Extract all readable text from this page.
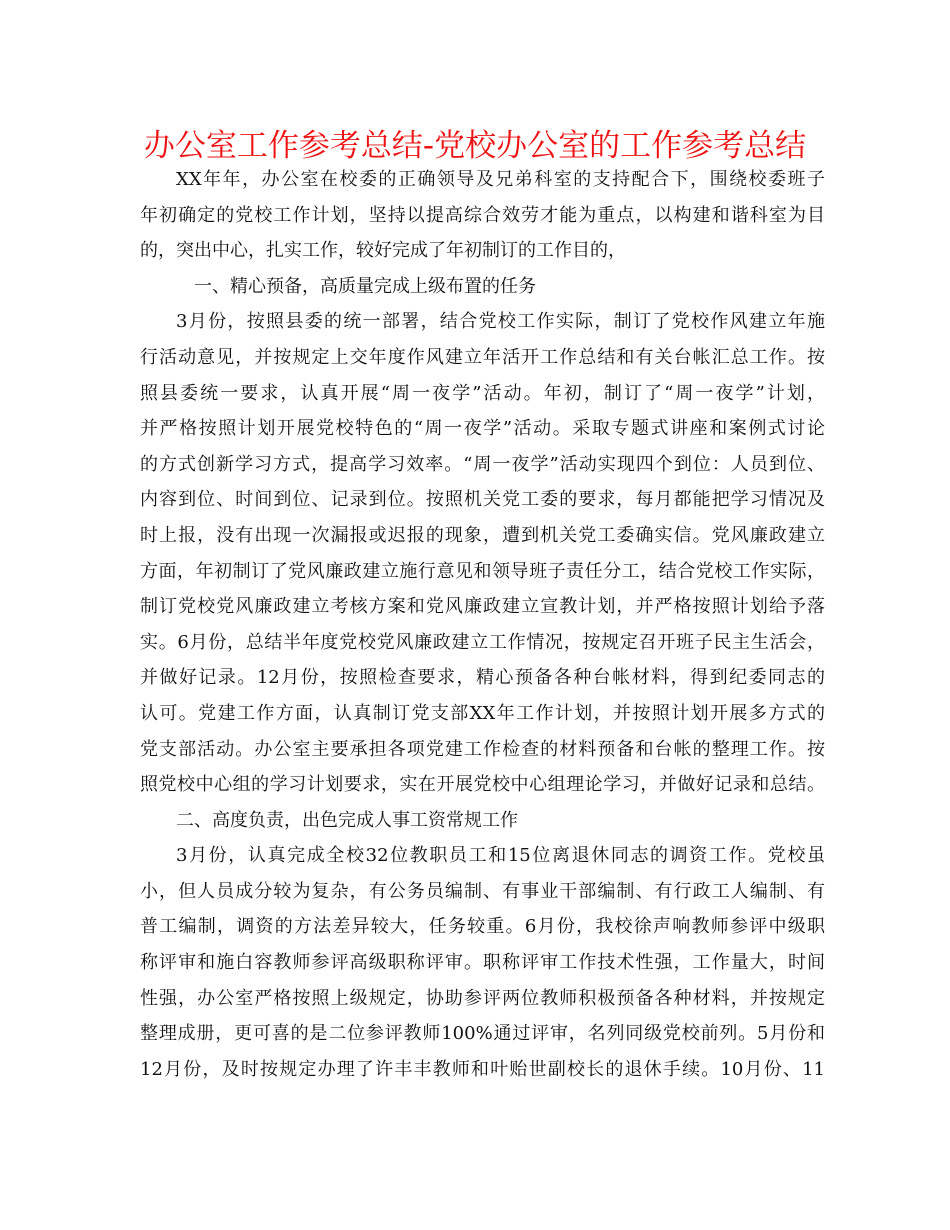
办公室工作参考总结-党校办公室的工作参考总结
XX年年，办公室在校委的正确领导及兄弟科室的支持配合下，围绕校委班子
年初确定的党校工作计划，坚持以提高综合效劳才能为重点，以构建和谐科室为目
的，突出中心，扎实工作，较好完成了年初制订的工作目的，
一、精心预备，高质量完成上级布置的任务
3月份，按照县委的统一部署，结合党校工作实际，制订了党校作风建立年施
行活动意见，并按规定上交年度作风建立年活开工作总结和有关台帐汇总工作。按
照县委统一要求，认真开展“周一夜学”活动。年初，制订了“周一夜学”计划，
并严格按照计划开展党校特色的“周一夜学”活动。采取专题式讲座和案例式讨论
的方式创新学习方式，提高学习效率。“周一夜学”活动实现四个到位：人员到位、
内容到位、时间到位、记录到位。按照机关党工委的要求，每月都能把学习情况及
时上报，没有出现一次漏报或迟报的现象，遭到机关党工委确实信。党风廉政建立
方面，年初制订了党风廉政建立施行意见和领导班子责任分工，结合党校工作实际，
制订党校党风廉政建立考核方案和党风廉政建立宣教计划，并严格按照计划给予落
实。6月份，总结半年度党校党风廉政建立工作情况，按规定召开班子民主生活会，
并做好记录。12月份，按照检查要求，精心预备各种台帐材料，得到纪委同志的
认可。党建工作方面，认真制订党支部XX年工作计划，并按照计划开展多方式的
党支部活动。办公室主要承担各项党建工作检查的材料预备和台帐的整理工作。按
照党校中心组的学习计划要求，实在开展党校中心组理论学习，并做好记录和总结。
二、高度负责，出色完成人事工资常规工作
3月份，认真完成全校32位教职员工和15位离退休同志的调资工作。党校虽
小，但人员成分较为复杂，有公务员编制、有事业干部编制、有行政工人编制、有
普工编制，调资的方法差异较大，任务较重。6月份，我校徐声响教师参评中级职
称评审和施白容教师参评高级职称评审。职称评审工作技术性强，工作量大，时间
性强，办公室严格按照上级规定，协助参评两位教师积极预备各种材料，并按规定
整理成册，更可喜的是二位参评教师100%通过评审，名列同级党校前列。5月份和
12月份，及时按规定办理了许丰丰教师和叶贻世副校长的退休手续。10月份、11
